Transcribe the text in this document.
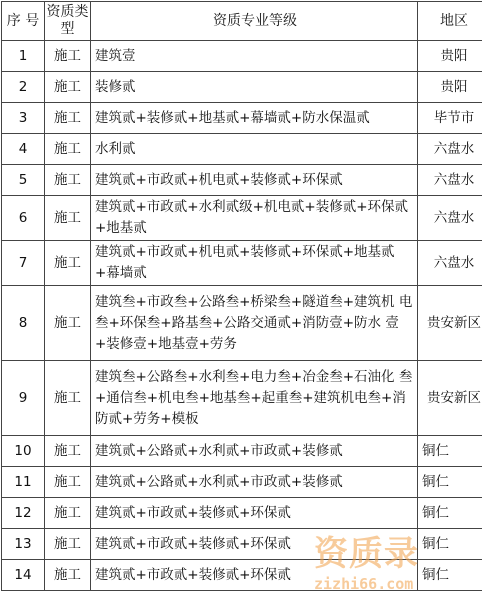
序 号	资质类型	资质专业等级	地区
1	施工	建筑壹	贵阳
2	施工	装修贰	贵阳
3	施工	建筑贰+装修贰+地基贰+幕墙贰+防水保温贰	毕节市
4	施工	水利贰	六盘水
5	施工	建筑贰+市政贰+机电贰+装修贰+环保贰	六盘水
6	施工	建筑贰+市政贰+水利贰级+机电贰+装修贰+环保贰+地基贰	六盘水
7	施工	建筑贰+市政贰+机电贰+装修贰+环保贰+地基贰+幕墙贰	六盘水
8	施工	建筑叁+市政叁+公路叁+桥梁叁+隧道叁+建筑机 电叁+环保叁+路基叁+公路交通贰+消防壹+防水 壹+装修壹+地基壹+劳务	贵安新区
9	施工	建筑叁+公路叁+水利叁+电力叁+冶金叁+石油化 叁+通信叁+机电叁+地基叁+起重叁+建筑机电叁+消防贰+劳务+模板	贵安新区
10	施工	建筑贰+公路贰+水利贰+市政贰+装修贰	铜仁
11	施工	建筑贰+公路贰+水利贰+市政贰+装修贰	铜仁
12	施工	建筑贰+市政贰+装修贰+环保贰	铜仁
13	施工	建筑贰+市政贰+装修贰+环保贰	铜仁
14	施工	建筑贰+市政贰+装修贰+环保贰	铜仁
资质录
zizhi66.com
